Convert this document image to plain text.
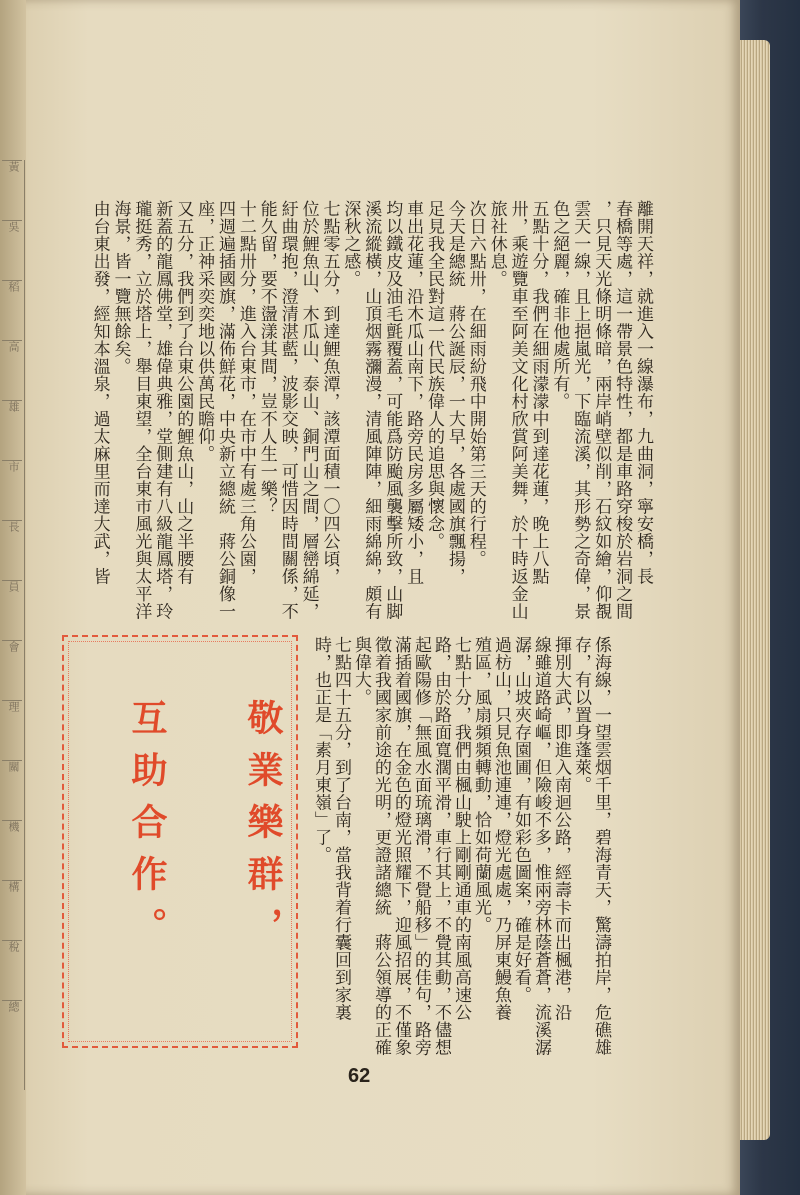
黃
吳
稻
高
雄
市
長
員
會
理
關
機
構
稅
總
離開天祥，就進入一線瀑布，九曲洞，寧安橋，長
春橋等處，這一帶景色特性，都是車路穿梭於岩洞之間
，只見天光條明條暗，兩岸峭壁似削，石紋如繪，仰覩
雲天一線，且上挹嵐光，下臨流溪，其形勢之奇偉，景
色之絕麗，確非他處所有。
五點十分，我們在細雨濛濛中到達花蓮，晚上八點
卅，乘遊覽車至阿美文化村欣賞阿美舞，於十時返金山
旅社休息。
次日六點卅，在細雨紛飛中開始第三天的行程。
今天是總統　蔣公誕辰，一大早，各處國旗飄揚，
足見我全民對這一代民族偉人的追思與懷念。
車出花蓮，沿木瓜山南下，路旁民房多屬矮小，且
均以鐵皮及油毛氈覆蓋，可能爲防颱風襲擊所致，山脚
溪流縱橫，山頂烟霧瀰漫，清風陣陣，細雨綿綿，頗有
深秋之感。
七點零五分，到達鯉魚潭，該潭面積一〇四公頃，
位於鯉魚山、木瓜山、泰山、銅門山之間，層巒綿延，
紆曲環抱，澄清湛藍，波影交映，可惜因時間關係，不
能久留，要不盪漾其間，豈不人生一樂？
十二點卅分，進入台東市，在市中有處三角公園，
四週遍插國旗，滿佈鮮花，中央新立總統　蔣公銅像一
座，正神采奕奕地以供萬民瞻仰。
又五分，我們到了台東公園的鯉魚山，山之半腰有
新蓋的龍鳳佛堂，雄偉典雅，堂側建有八級龍鳳塔，玲
瓏挺秀，立於塔上，舉目東望，全台東市風光與太平洋
海景，皆一覽無餘矣。
由台東出發，經知本溫泉，過太麻里而達大武，皆
係海線，一望雲烟千里，碧海青天，驚濤拍岸，危礁雄
存，有以置身蓬萊。
揮別大武，即進入南迴公路，經壽卡而出楓港，沿
線雖道路崎嶇，但險峻不多，惟兩旁林蔭蒼蒼，流溪潺
潺，山坡夾存園圃，有如彩色圖案，確是好看。
過枋山，只見魚池連連，燈光處處，乃屏東鰻魚養
殖區，風扇頻頻轉動，恰如荷蘭風光。
七點十分，我們由楓山駛上剛剛通車的南風高速公
路，由於路面寬濶平滑，車行其上，不覺其動，不儘想
起歐陽修「無風水面琉璃滑，不覺船移」的佳句，路旁
滿插着國旗，在金色的燈光照耀下，迎風招展，不僅象
徵着我國家前途的光明，更證諸總統　蔣公領導的正確
與偉大。
七點四十五分，到了台南，當我背着行囊回到家裏
時，也正是「素月東嶺」了。
敬業樂群，
互助合作。
62
